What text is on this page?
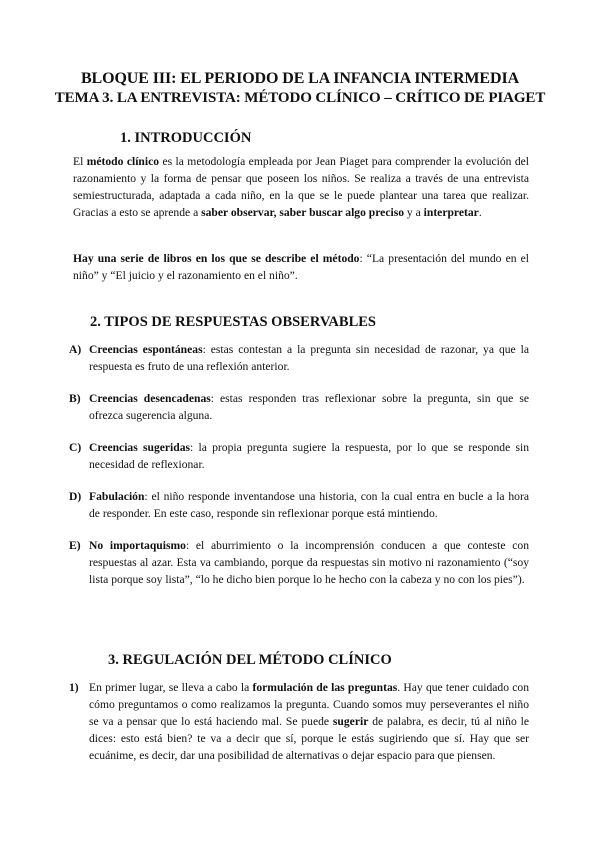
BLOQUE III: EL PERIODO DE LA INFANCIA INTERMEDIA
TEMA 3. LA ENTREVISTA: MÉTODO CLÍNICO – CRÍTICO DE PIAGET
1. INTRODUCCIÓN
El método clínico es la metodología empleada por Jean Piaget para comprender la evolución del razonamiento y la forma de pensar que poseen los niños. Se realiza a través de una entrevista semiestructurada, adaptada a cada niño, en la que se le puede plantear una tarea que realizar. Gracias a esto se aprende a saber observar, saber buscar algo preciso y a interpretar.
Hay una serie de libros en los que se describe el método: “La presentación del mundo en el niño” y “El juicio y el razonamiento en el niño”.
2. TIPOS DE RESPUESTAS OBSERVABLES
A) Creencias espontáneas: estas contestan a la pregunta sin necesidad de razonar, ya que la respuesta es fruto de una reflexión anterior.
B) Creencias desencadenas: estas responden tras reflexionar sobre la pregunta, sin que se ofrezca sugerencia alguna.
C) Creencias sugeridas: la propia pregunta sugiere la respuesta, por lo que se responde sin necesidad de reflexionar.
D) Fabulación: el niño responde inventandose una historia, con la cual entra en bucle a la hora de responder. En este caso, responde sin reflexionar porque está mintiendo.
E) No importaquismo: el aburrimiento o la incomprensión conducen a que conteste con respuestas al azar. Esta va cambiando, porque da respuestas sin motivo ni razonamiento (“soy lista porque soy lista”, “lo he dicho bien porque lo he hecho con la cabeza y no con los pies”).
3. REGULACIÓN DEL MÉTODO CLÍNICO
1) En primer lugar, se lleva a cabo la formulación de las preguntas. Hay que tener cuidado con cómo preguntamos o como realizamos la pregunta. Cuando somos muy perseverantes el niño se va a pensar que lo está haciendo mal. Se puede sugerir de palabra, es decir, tú al niño le dices: esto está bien? te va a decir que sí, porque le estás sugiriendo que sí. Hay que ser ecuánime, es decir, dar una posibilidad de alternativas o dejar espacio para que piensen.
